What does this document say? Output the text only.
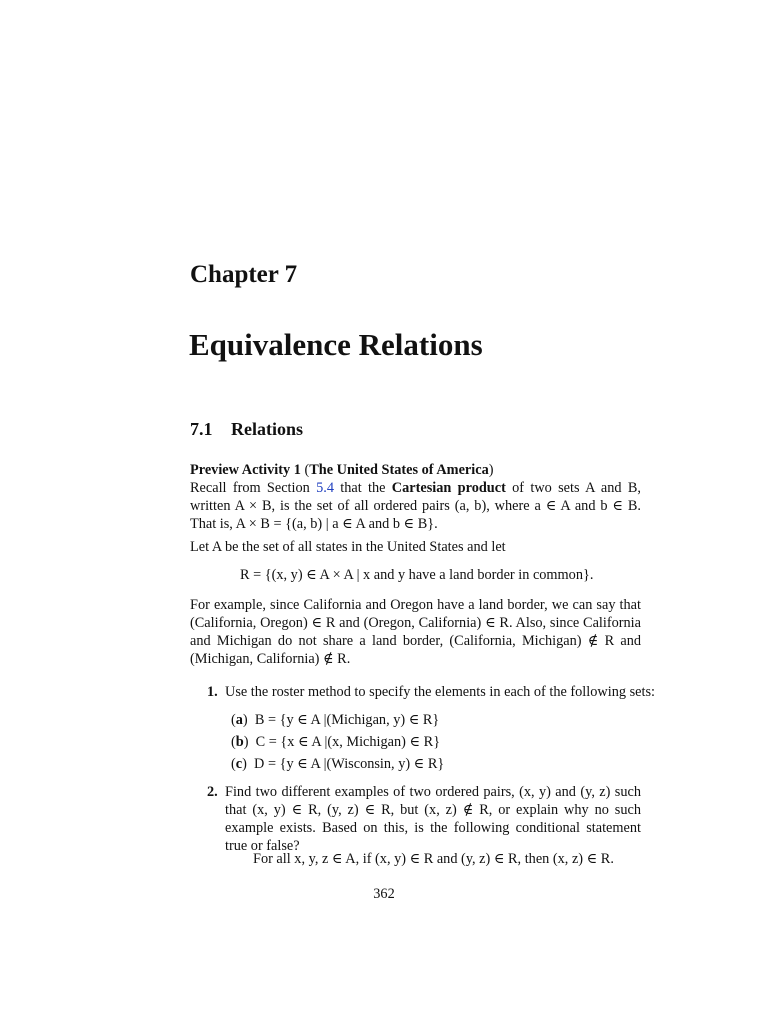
Chapter 7
Equivalence Relations
7.1 Relations
Preview Activity 1 (The United States of America)
Recall from Section 5.4 that the Cartesian product of two sets A and B, written A × B, is the set of all ordered pairs (a, b), where a ∈ A and b ∈ B. That is, A × B = {(a, b) | a ∈ A and b ∈ B}.
Let A be the set of all states in the United States and let
R = {(x, y) ∈ A × A | x and y have a land border in common}.
For example, since California and Oregon have a land border, we can say that (California, Oregon) ∈ R and (Oregon, California) ∈ R. Also, since California and Michigan do not share a land border, (California, Michigan) ∉ R and (Michigan, California) ∉ R.
1. Use the roster method to specify the elements in each of the following sets:
(a)  B = {y ∈ A |(Michigan, y) ∈ R}
(b)  C = {x ∈ A |(x, Michigan) ∈ R}
(c)  D = {y ∈ A |(Wisconsin, y) ∈ R}
2. Find two different examples of two ordered pairs, (x, y) and (y, z) such that (x, y) ∈ R, (y, z) ∈ R, but (x, z) ∉ R, or explain why no such example exists. Based on this, is the following conditional statement true or false?
For all x, y, z ∈ A, if (x, y) ∈ R and (y, z) ∈ R, then (x, z) ∈ R.
362
